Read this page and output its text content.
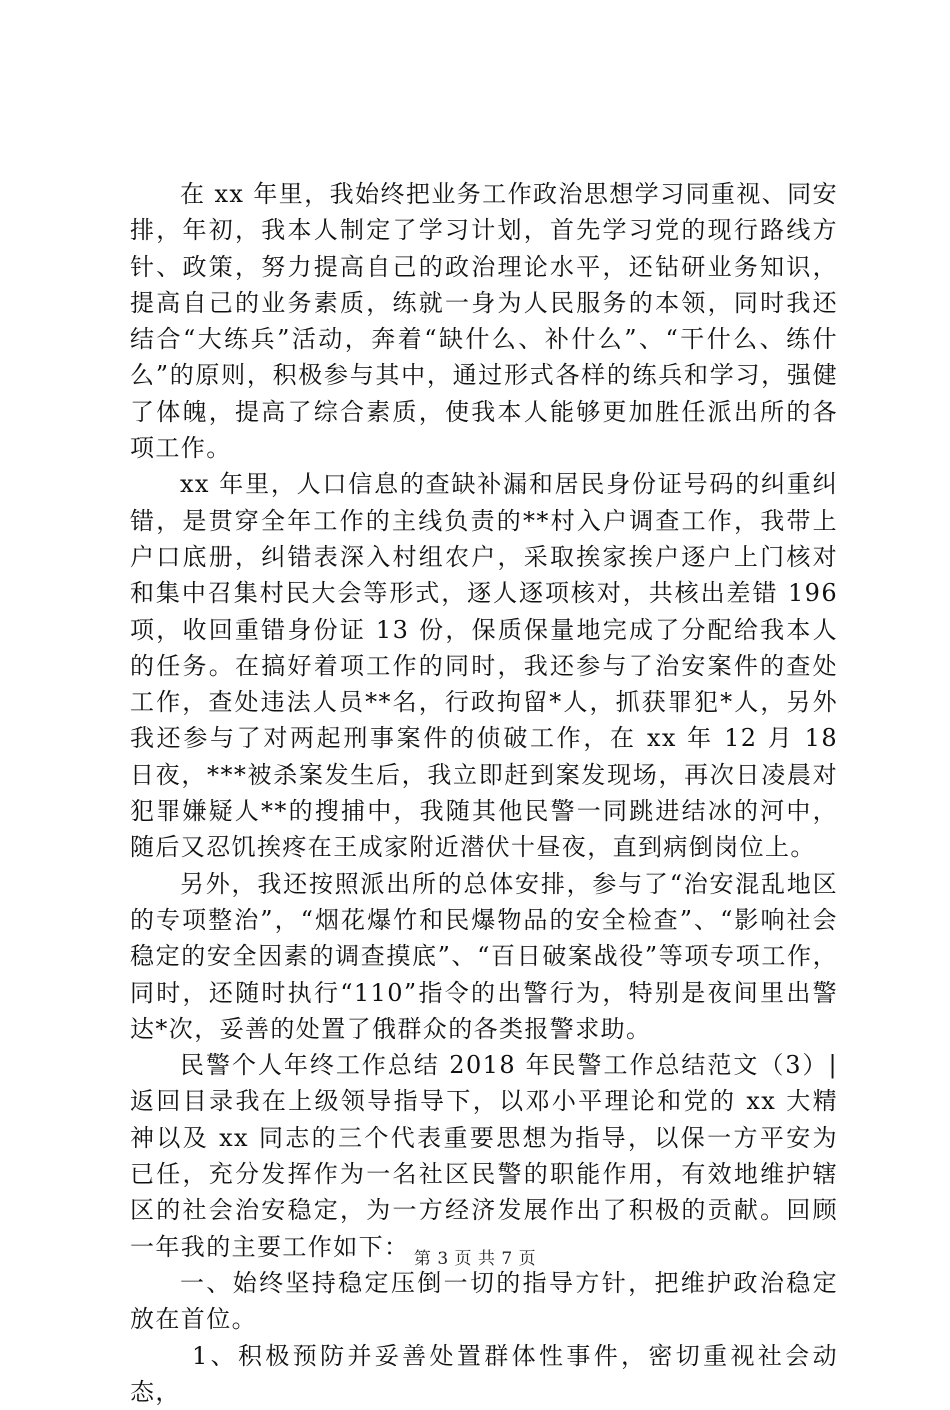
在 xx 年里，我始终把业务工作政治思想学习同重视、同安排，年初，我本人制定了学习计划，首先学习党的现行路线方针、政策，努力提高自己的政治理论水平，还钻研业务知识，提高自己的业务素质，练就一身为人民服务的本领，同时我还结合“大练兵”活动，奔着“缺什么、补什么”、“干什么、练什么”的原则，积极参与其中，通过形式各样的练兵和学习，强健了体魄，提高了综合素质，使我本人能够更加胜任派出所的各项工作。

xx 年里，人口信息的查缺补漏和居民身份证号码的纠重纠错，是贯穿全年工作的主线负责的**村入户调查工作，我带上户口底册，纠错表深入村组农户，采取挨家挨户逐户上门核对和集中召集村民大会等形式，逐人逐项核对，共核出差错 196 项，收回重错身份证 13 份，保质保量地完成了分配给我本人的任务。在搞好着项工作的同时，我还参与了治安案件的查处工作，查处违法人员**名，行政拘留*人，抓获罪犯*人，另外我还参与了对两起刑事案件的侦破工作，在 xx 年 12 月 18 日夜，***被杀案发生后，我立即赶到案发现场，再次日凌晨对犯罪嫌疑人**的搜捕中，我随其他民警一同跳进结冰的河中，随后又忍饥挨疼在王成家附近潜伏十昼夜，直到病倒岗位上。

另外，我还按照派出所的总体安排，参与了“治安混乱地区的专项整治”，“烟花爆竹和民爆物品的安全检查”、“影响社会稳定的安全因素的调查摸底”、“百日破案战役”等项专项工作，同时，还随时执行“110”指令的出警行为，特别是夜间里出警达*次，妥善的处置了俄群众的各类报警求助。

民警个人年终工作总结 2018 年民警工作总结范文（3）|返回目录我在上级领导指导下，以邓小平理论和党的 xx 大精神以及 xx 同志的三个代表重要思想为指导，以保一方平安为已任，充分发挥作为一名社区民警的职能作用，有效地维护辖区的社会治安稳定，为一方经济发展作出了积极的贡献。回顾一年我的主要工作如下：

一、始终坚持稳定压倒一切的指导方针，把维护政治稳定放在首位。

1、积极预防并妥善处置群体性事件，密切重视社会动态，

第 3 页 共 7 页
